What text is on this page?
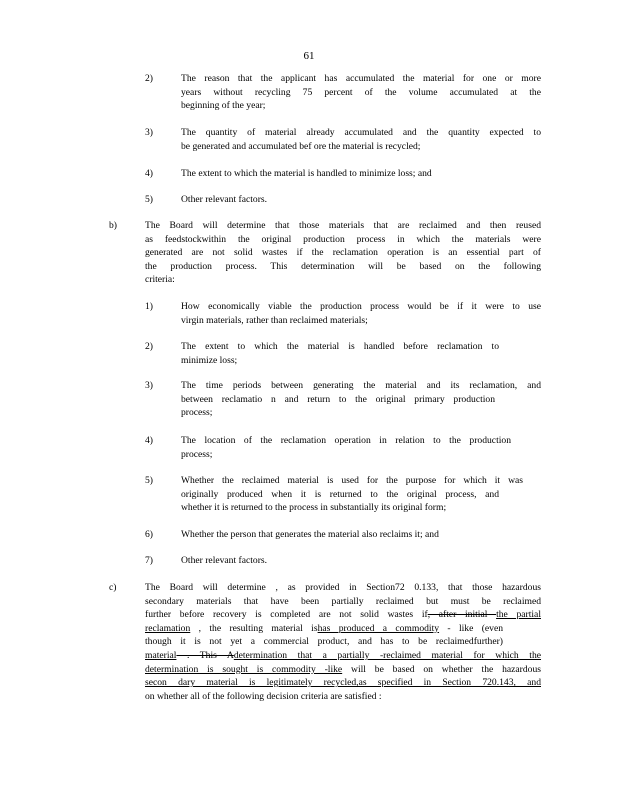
61
2)	The reason that the applicant has accumulated the material for one or more
years without recycling 75 percent of the volume accumulated at the
beginning of the year;
3)	The quantity of material already accumulated and the quantity expected to
be generated and accumulated bef ore the material is recycled;
4)	The extent to which the material is handled to minimize loss; and
5)	Other relevant factors.
b)	The Board will determine that those materials that are reclaimed and then reused
as feedstockwithin the original production process in which the materials were
generated are not solid wastes if the reclamation operation is an essential part of
the production process. This determination will be based on the following
criteria:
1)	How economically viable the production process would be if it were to use
virgin materials, rather than reclaimed materials;
2)	The extent to which the material is handled before reclamation to
minimize loss;
3)	The time periods between generating the material and its reclamation, and
between reclamatio n and return to the original primary production
process;
4)	The location of the reclamation operation in relation to the production
process;
5)	Whether the reclaimed material is used for the purpose for which it was
originally produced when it is returned to the original process, and
whether it is returned to the process in substantially its original form;
6)	Whether the person that generates the material also reclaims it; and
7)	Other relevant factors.
c)	The Board will determine , as provided in Section72 0.133, that those hazardous
secondary materials that have been partially reclaimed but must be reclaimed
further before recovery is completed are not solid wastes if, after initial the partial
reclamation , the resulting material ishas produced a commodity - like (even
though it is not yet a commercial product, and has to be reclaimedfurther)
material . This Adetermination that a partially -reclaimed material for which the
determination is sought is commodity -like will be based on whether the hazardous
secon dary material is legitimately recycled,as specified in Section 720.143, and
on whether all of the following decision criteria are satisfied :
